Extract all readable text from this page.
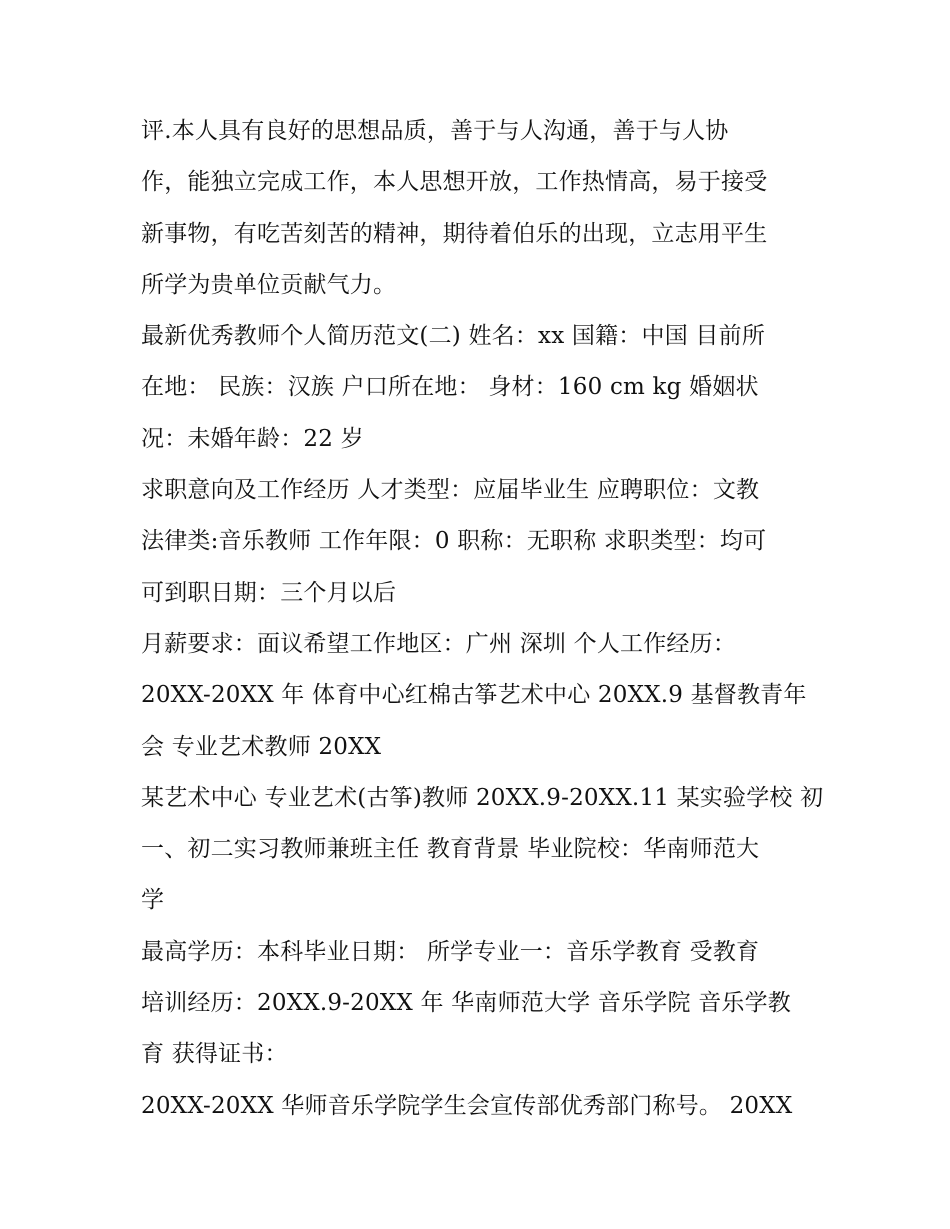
评.本人具有良好的思想品质，善于与人沟通，善于与人协
作，能独立完成工作，本人思想开放，工作热情高，易于接受
新事物，有吃苦刻苦的精神，期待着伯乐的出现，立志用平生
所学为贵单位贡献气力。
最新优秀教师个人简历范文(二) 姓名：xx 国籍：中国 目前所
在地： 民族：汉族 户口所在地： 身材：160 cm kg 婚姻状
况：未婚年龄：22 岁
求职意向及工作经历 人才类型：应届毕业生 应聘职位：文教
法律类:音乐教师 工作年限：0 职称：无职称 求职类型：均可
可到职日期：三个月以后
月薪要求：面议希望工作地区：广州 深圳 个人工作经历：
20XX-20XX 年 体育中心红棉古筝艺术中心 20XX.9 基督教青年
会 专业艺术教师 20XX
某艺术中心 专业艺术(古筝)教师 20XX.9-20XX.11 某实验学校 初
一、初二实习教师兼班主任 教育背景 毕业院校：华南师范大
学
最高学历：本科毕业日期： 所学专业一：音乐学教育 受教育
培训经历：20XX.9-20XX 年 华南师范大学 音乐学院 音乐学教
育 获得证书：
20XX-20XX 华师音乐学院学生会宣传部优秀部门称号。 20XX
